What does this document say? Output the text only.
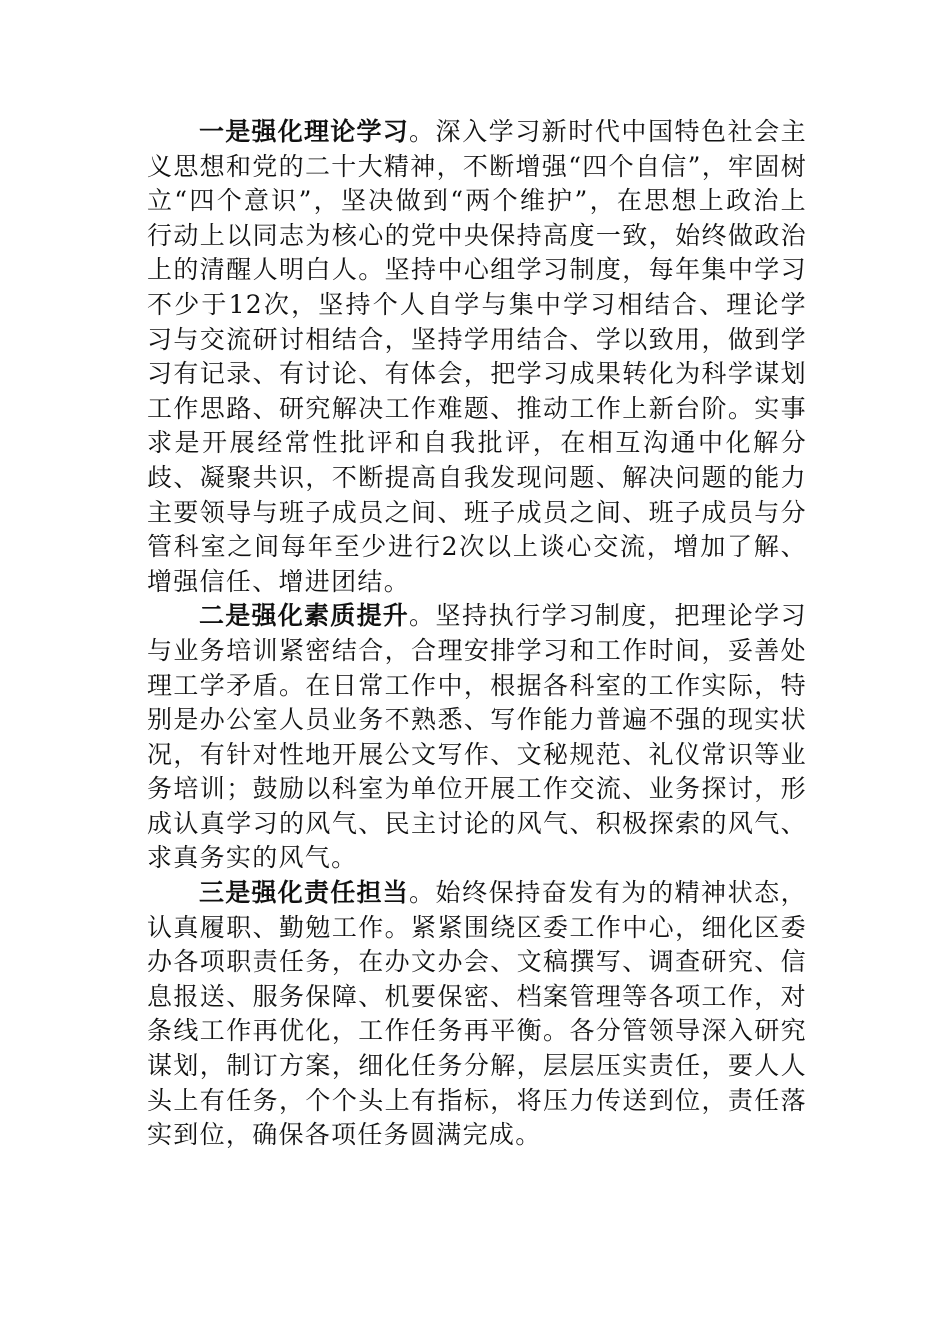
一是强化理论学习。深入学习新时代中国特色社会主义思想和党的二十大精神，不断增强“四个自信”，牢固树立“四个意识”，坚决做到“两个维护”，在思想上政治上行动上以同志为核心的党中央保持高度一致，始终做政治上的清醒人明白人。坚持中心组学习制度，每年集中学习不少于12次，坚持个人自学与集中学习相结合、理论学习与交流研讨相结合，坚持学用结合、学以致用，做到学习有记录、有讨论、有体会，把学习成果转化为科学谋划工作思路、研究解决工作难题、推动工作上新台阶。实事求是开展经常性批评和自我批评，在相互沟通中化解分歧、凝聚共识，不断提高自我发现问题、解决问题的能力主要领导与班子成员之间、班子成员之间、班子成员与分管科室之间每年至少进行2次以上谈心交流，增加了解、增强信任、增进团结。

二是强化素质提升。坚持执行学习制度，把理论学习与业务培训紧密结合，合理安排学习和工作时间，妥善处理工学矛盾。在日常工作中，根据各科室的工作实际，特别是办公室人员业务不熟悉、写作能力普遍不强的现实状况，有针对性地开展公文写作、文秘规范、礼仪常识等业务培训；鼓励以科室为单位开展工作交流、业务探讨，形成认真学习的风气、民主讨论的风气、积极探索的风气、求真务实的风气。

三是强化责任担当。始终保持奋发有为的精神状态，认真履职、勤勉工作。紧紧围绕区委工作中心，细化区委办各项职责任务，在办文办会、文稿撰写、调查研究、信息报送、服务保障、机要保密、档案管理等各项工作，对条线工作再优化，工作任务再平衡。各分管领导深入研究谋划，制订方案，细化任务分解，层层压实责任，要人人头上有任务，个个头上有指标，将压力传送到位，责任落实到位，确保各项任务圆满完成。
